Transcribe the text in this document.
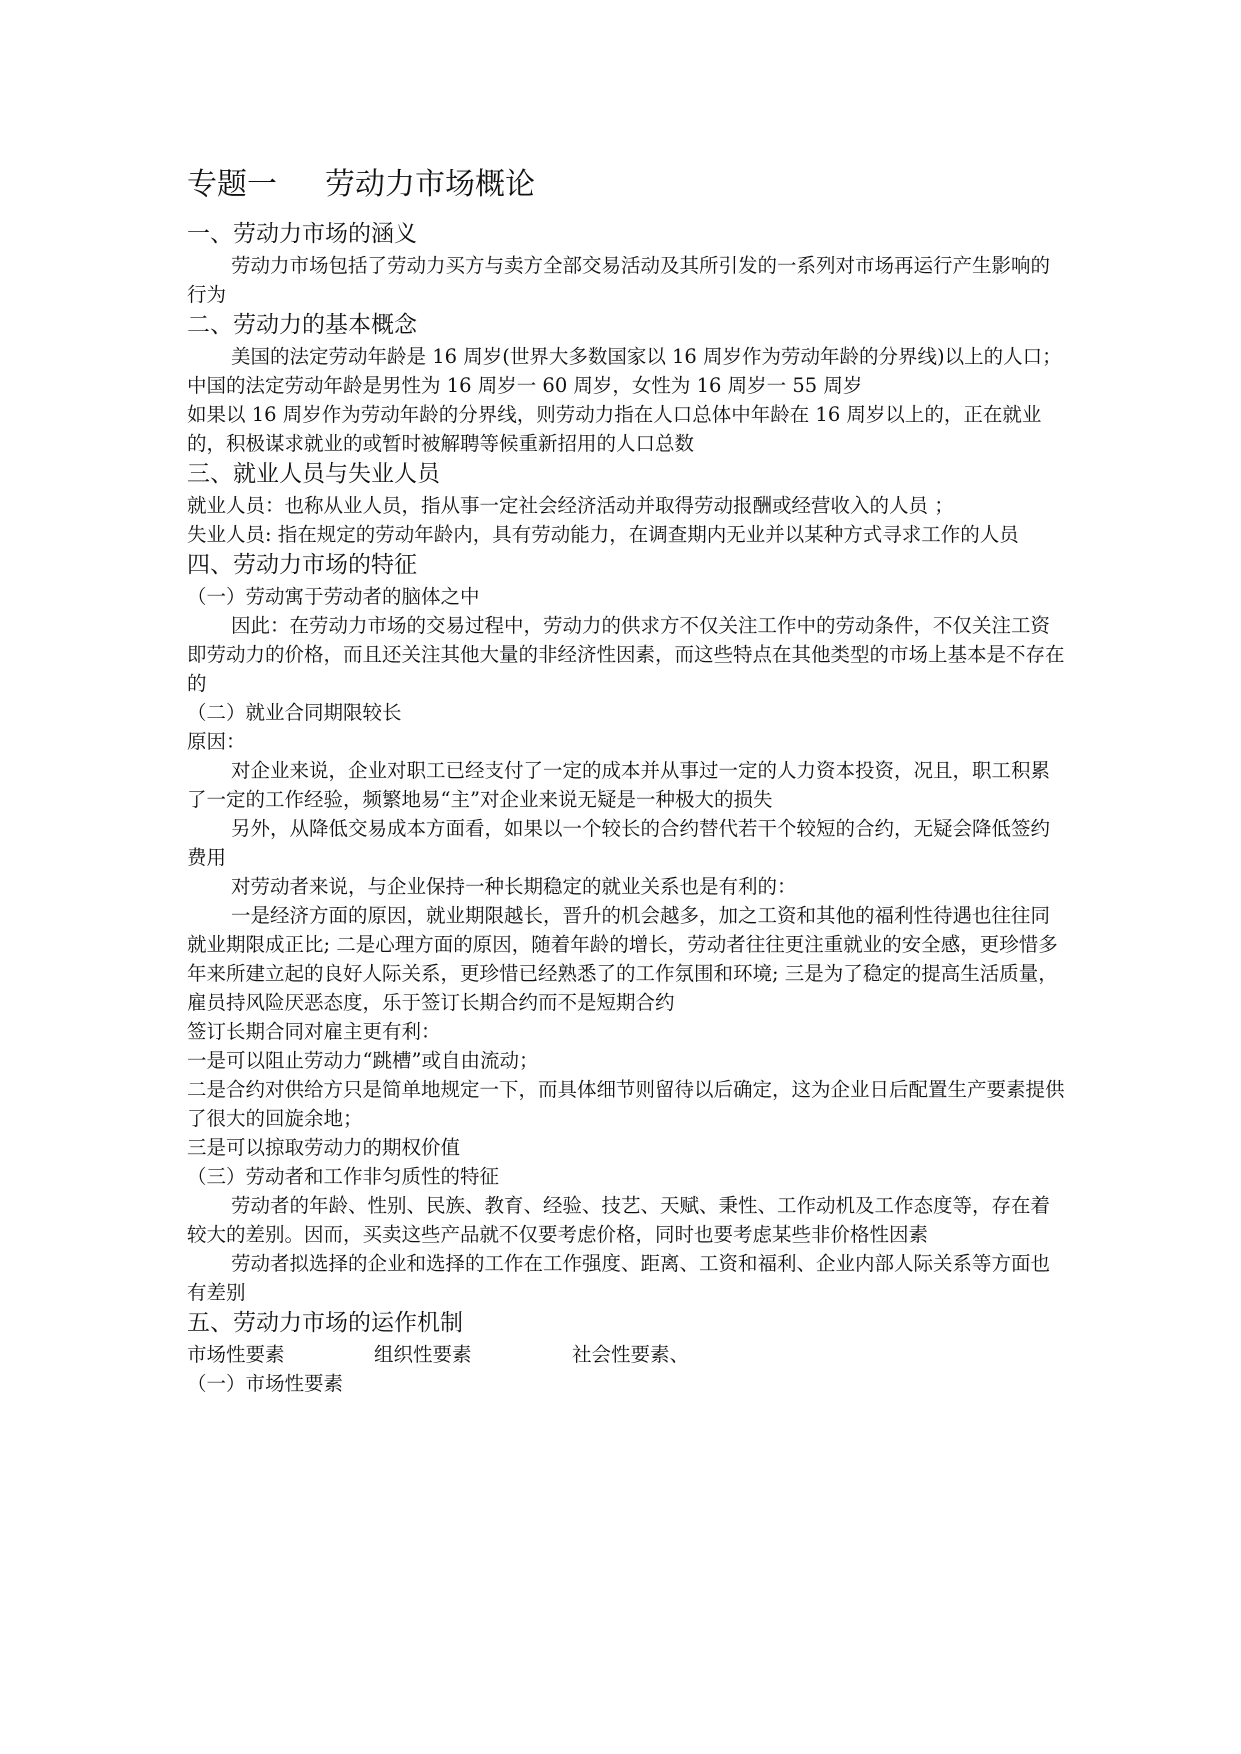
专题一 劳动力市场概论
一、劳动力市场的涵义
劳动力市场包括了劳动力买方与卖方全部交易活动及其所引发的一系列对市场再运行产生影响的行为
二、劳动力的基本概念
美国的法定劳动年龄是 16 周岁(世界大多数国家以 16 周岁作为劳动年龄的分界线)以上的人口；中国的法定劳动年龄是男性为 16 周岁一 60 周岁，女性为 16 周岁一 55 周岁
如果以 16 周岁作为劳动年龄的分界线，则劳动力指在人口总体中年龄在 16 周岁以上的，正在就业的，积极谋求就业的或暂时被解聘等候重新招用的人口总数
三、就业人员与失业人员
就业人员：也称从业人员，指从事一定社会经济活动并取得劳动报酬或经营收入的人员 ；
失业人员: 指在规定的劳动年龄内，具有劳动能力，在调查期内无业并以某种方式寻求工作的人员
四、劳动力市场的特征
（一）劳动寓于劳动者的脑体之中
因此：在劳动力市场的交易过程中，劳动力的供求方不仅关注工作中的劳动条件，不仅关注工资即劳动力的价格，而且还关注其他大量的非经济性因素，而这些特点在其他类型的市场上基本是不存在的
（二）就业合同期限较长
原因：
对企业来说，企业对职工已经支付了一定的成本并从事过一定的人力资本投资，况且，职工积累了一定的工作经验，频繁地易“主”对企业来说无疑是一种极大的损失
另外，从降低交易成本方面看，如果以一个较长的合约替代若干个较短的合约，无疑会降低签约费用
对劳动者来说，与企业保持一种长期稳定的就业关系也是有利的：
一是经济方面的原因，就业期限越长，晋升的机会越多，加之工资和其他的福利性待遇也往往同就业期限成正比; 二是心理方面的原因，随着年龄的增长，劳动者往往更注重就业的安全感，更珍惜多年来所建立起的良好人际关系，更珍惜已经熟悉了的工作氛围和环境; 三是为了稳定的提高生活质量，雇员持风险厌恶态度，乐于签订长期合约而不是短期合约
签订长期合同对雇主更有利：
一是可以阻止劳动力“跳槽”或自由流动；
二是合约对供给方只是简单地规定一下，而具体细节则留待以后确定，这为企业日后配置生产要素提供了很大的回旋余地；
三是可以掠取劳动力的期权价值
（三）劳动者和工作非匀质性的特征
劳动者的年龄、性别、民族、教育、经验、技艺、天赋、秉性、工作动机及工作态度等，存在着较大的差别。因而，买卖这些产品就不仅要考虑价格，同时也要考虑某些非价格性因素
劳动者拟选择的企业和选择的工作在工作强度、距离、工资和福利、企业内部人际关系等方面也有差别
五、劳动力市场的运作机制
市场性要素	组织性要素	社会性要素、
（一）市场性要素
